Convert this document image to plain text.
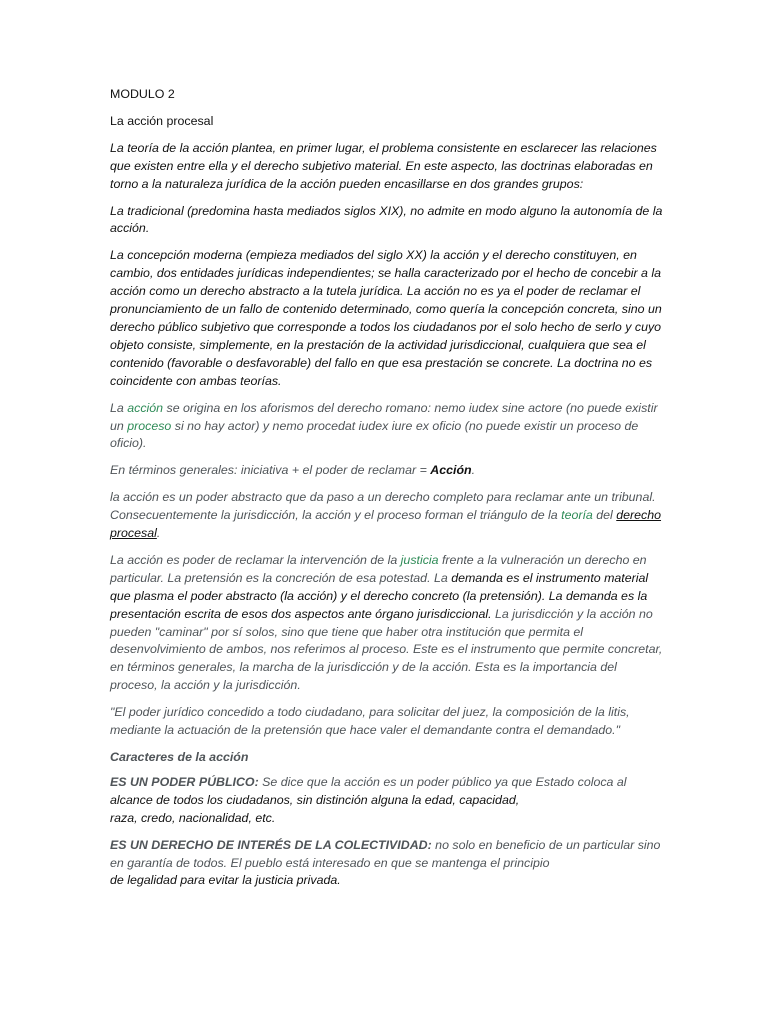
MODULO 2

La acción procesal

La teoría de la acción plantea, en primer lugar, el problema consistente en esclarecer las relaciones que existen entre ella y el derecho subjetivo material. En este aspecto, las doctrinas elaboradas en torno a la naturaleza jurídica de la acción pueden encasillarse en dos grandes grupos:

La tradicional (predomina hasta mediados siglos XIX), no admite en modo alguno la autonomía de la acción.

La concepción moderna (empieza mediados del siglo XX) la acción y el derecho constituyen, en cambio, dos entidades jurídicas independientes; se halla caracterizado por el hecho de concebir a la acción como un derecho abstracto a la tutela jurídica. La acción no es ya el poder de reclamar el pronunciamiento de un fallo de contenido determinado, como quería la concepción concreta, sino un derecho público subjetivo que corresponde a todos los ciudadanos por el solo hecho de serlo y cuyo objeto consiste, simplemente, en la prestación de la actividad jurisdiccional, cualquiera que sea el contenido (favorable o desfavorable) del fallo en que esa prestación se concrete. La doctrina no es coincidente con ambas teorías.

La acción se origina en los aforismos del derecho romano: nemo iudex sine actore (no puede existir un proceso si no hay actor) y nemo procedat iudex iure ex oficio (no puede existir un proceso de oficio).

En términos generales: iniciativa + el poder de reclamar = Acción.

la acción es un poder abstracto que da paso a un derecho completo para reclamar ante un tribunal. Consecuentemente la jurisdicción, la acción y el proceso forman el triángulo de la teoría del derecho procesal.

La acción es poder de reclamar la intervención de la justicia frente a la vulneración un derecho en particular. La pretensión es la concreción de esa potestad. La demanda es el instrumento material que plasma el poder abstracto (la acción) y el derecho concreto (la pretensión). La demanda es la presentación escrita de esos dos aspectos ante órgano jurisdiccional. La jurisdicción y la acción no pueden "caminar" por sí solos, sino que tiene que haber otra institución que permita el desenvolvimiento de ambos, nos referimos al proceso. Este es el instrumento que permite concretar, en términos generales, la marcha de la jurisdicción y de la acción. Esta es la importancia del proceso, la acción y la jurisdicción.

"El poder jurídico concedido a todo ciudadano, para solicitar del juez, la composición de la litis, mediante la actuación de la pretensión que hace valer el demandante contra el demandado."

Caracteres de la acción

ES UN PODER PÚBLICO: Se dice que la acción es un poder público ya que Estado coloca al
alcance de todos los ciudadanos, sin distinción alguna la edad, capacidad,
raza, credo, nacionalidad, etc.

ES UN DERECHO DE INTERÉS DE LA COLECTIVIDAD: no solo en beneficio de un particular sino en garantía de todos. El pueblo está interesado en que se mantenga el principio
de legalidad para evitar la justicia privada.
